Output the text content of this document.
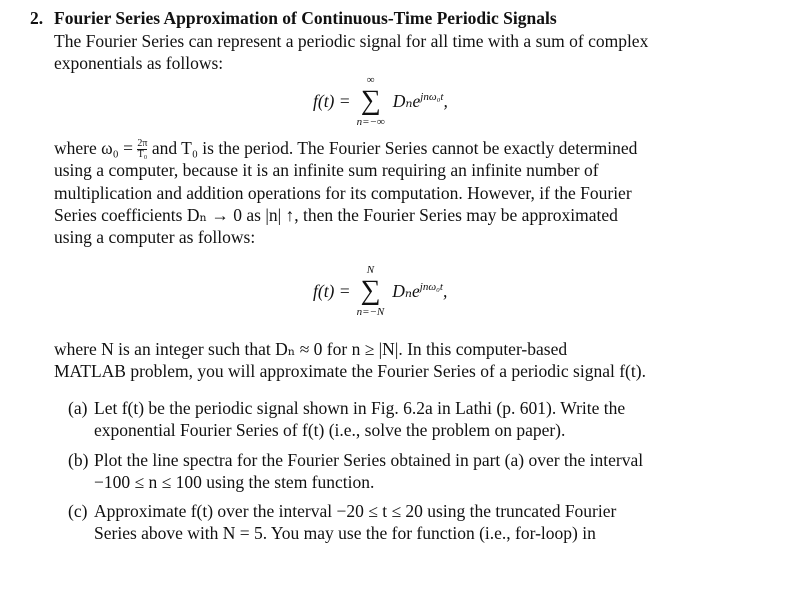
2. Fourier Series Approximation of Continuous-Time Periodic Signals
The Fourier Series can represent a periodic signal for all time with a sum of complex
exponentials as follows:
f(t) =
∞
∑
n=−∞
Dₙe$^{jn\omega_0t}$,
where $\omega_0 = \frac{2\pi}{\text{T₀}}$ and T₀ is the period. The Fourier Series cannot be exactly determined
using a computer, because it is an infinite sum requiring an infinite number of
multiplication and addition operations for its computation. However, if the Fourier
Series coefficients Dₙ → 0 as |n| ↑, then the Fourier Series may be approximated
using a computer as follows:
f(t) =
N
∑
n=−N
Dₙe$^{jn\omega_0t}$,
where N is an integer such that Dₙ ≈ 0 for n ≥ |N|. In this computer-based
MATLAB problem, you will approximate the Fourier Series of a periodic signal f(t).
(a) Let f(t) be the periodic signal shown in Fig. 6.2a in Lathi (p. 601). Write the
exponential Fourier Series of f(t) (i.e., solve the problem on paper).
(b) Plot the line spectra for the Fourier Series obtained in part (a) over the interval
−100 ≤ n ≤ 100 using the stem function.
(c) Approximate f(t) over the interval −20 ≤ t ≤ 20 using the truncated Fourier
Series above with N = 5. You may use the for function (i.e., for-loop) in
